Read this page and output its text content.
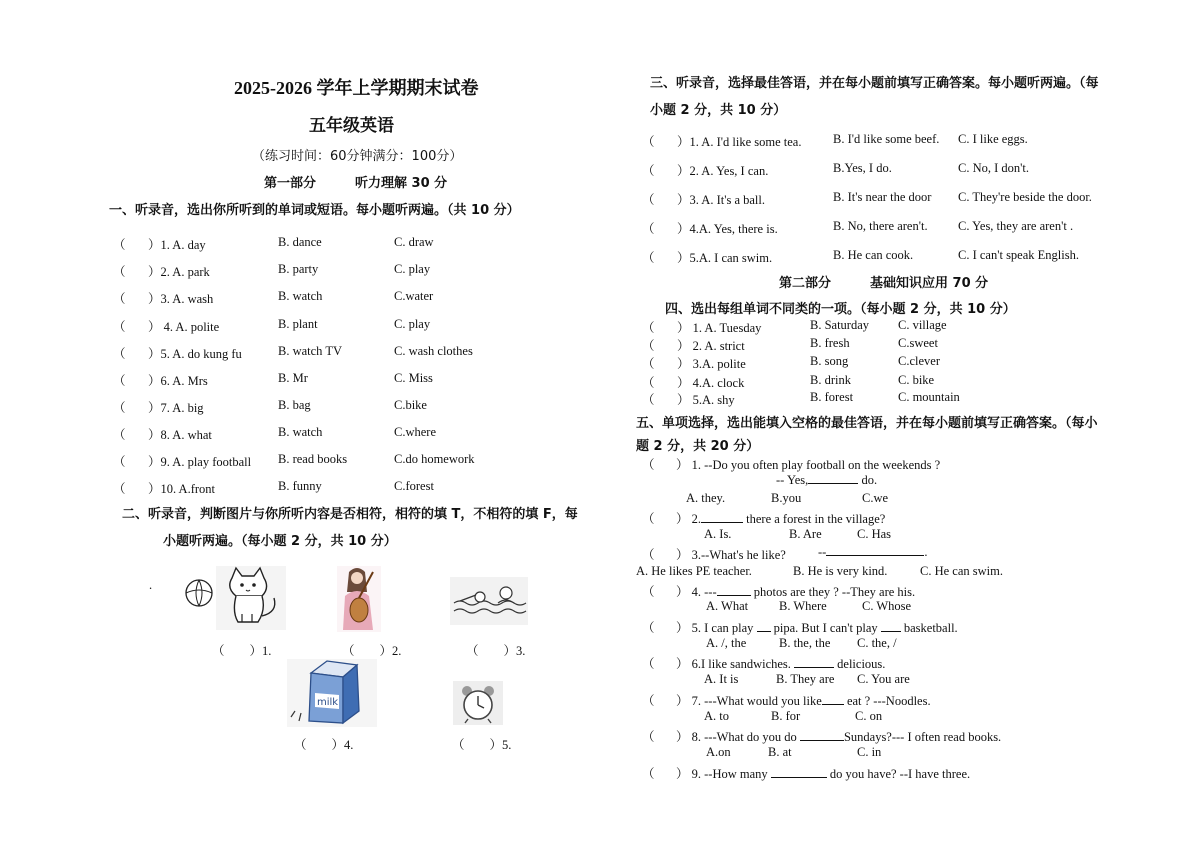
2025-2026 学年上学期期末试卷
五年级英语
（练习时间：60分钟满分：100分）
第一部分　　　听力理解 30 分
一、听录音，选出你所听到的单词或短语。每小题听两遍。（共 10 分）
（ ）1. A. day	B. dance	C. draw
（ ）2. A. park	B. party	C. play
（ ）3. A. wash	B. watch	C.water
（ ） 4. A. polite	B. plant	C. play
（ ）5. A. do kung fu	B. watch TV	C. wash clothes
（ ）6. A. Mrs	B. Mr	C. Miss
（ ）7. A. big	B. bag	C.bike
（ ）8. A. what	B. watch	C.where
（ ）9. A. play football B. read books	C.do homework
（ ）10. A.front	B. funny	C.forest
二、听录音，判断图片与你所听内容是否相符，相符的填 T，不相符的填 F，每
小题听两遍。（每小题 2 分，共 10 分）
.
（　　）1.	（　　）2.	（　　）3.
milk
（　　）4.	（　　）5.
三、听录音，选择最佳答语，并在每小题前填写正确答案。每小题听两遍。（每
小题 2 分，共 10 分）
（ ）1. A. I'd like some tea.	B. I'd like some beef. C. I like eggs.
（ ）2. A. Yes, I can.	B.Yes, I do.	C. No, I don't.
（ ）3. A. It's a ball.	B. It's near the door C. They're beside the door.
（ ）4.A. Yes, there is.	B. No, there aren't. C. Yes, they are aren't .
（ ）5.A. I can swim.	B. He can cook.	C. I can't speak English.
第二部分　　　基础知识应用 70 分
四、选出每组单词不同类的一项。（每小题 2 分，共 10 分）
（ ） 1. A. Tuesday	B. Saturday C. village
（ ） 2. A. strict	B. fresh	C.sweet
（ ） 3.A. polite	B. song	C.clever
（ ） 4.A. clock	B. drink	C. bike
（ ） 5.A. shy	B. forest	C. mountain
五、单项选择，选出能填入空格的最佳答语，并在每小题前填写正确答案。（每小
题 2 分，共 20 分）
（ ） 1. --Do you often play football on the weekends ?
-- Yes,	do.
A. they.	B.you	C.we
（ ） 2.	there a forest in the village?
A. Is.	B. Are	C. Has
（ ） 3.--What's he like?	--	.
A. He likes PE teacher.	B. He is very kind.	C. He can swim.
（ ） 4. ---	photos are they ? --They are his.
A. What B. Where	C. Whose
（ ） 5. I can play pipa. But I can't play basketball.
A. /, the	B. the, the C. the, /
（ ） 6.I like sandwiches.	delicious.
A. It is	B. They are C. You are
（ ） 7. ---What would you like eat ? ---Noodles.
A. to	B. for	C. on
（ ） 8. ---What do you do	Sundays?--- I often read books.
A.on	B. at	C. in
（ ） 9. --How many	do you have? --I have three.
